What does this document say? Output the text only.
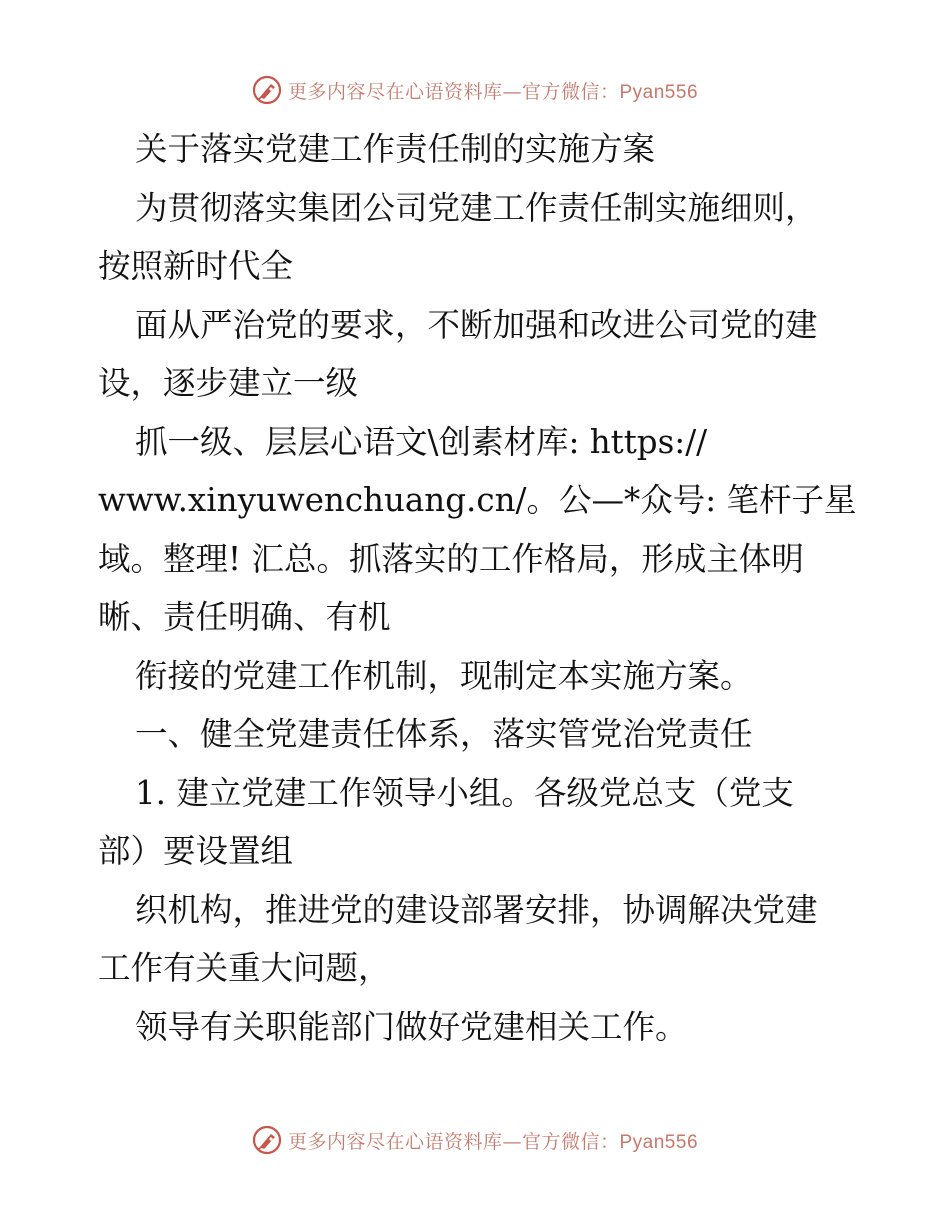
更多内容尽在心语资料库—官方微信：Pyan556
关于落实党建工作责任制的实施方案
为贯彻落实集团公司党建工作责任制实施细则，
按照新时代全
面从严治党的要求，不断加强和改进公司党的建
设，逐步建立一级
抓一级、层层心语文\创素材库: https://
www.xinyuwenchuang.cn/。公—*众号: 笔杆子星
域。整理! 汇总。抓落实的工作格局，形成主体明
晰、责任明确、有机
衔接的党建工作机制，现制定本实施方案。
一、健全党建责任体系，落实管党治党责任
1. 建立党建工作领导小组。各级党总支（党支
部）要设置组
织机构，推进党的建设部署安排，协调解决党建
工作有关重大问题，
领导有关职能部门做好党建相关工作。
更多内容尽在心语资料库—官方微信：Pyan556
